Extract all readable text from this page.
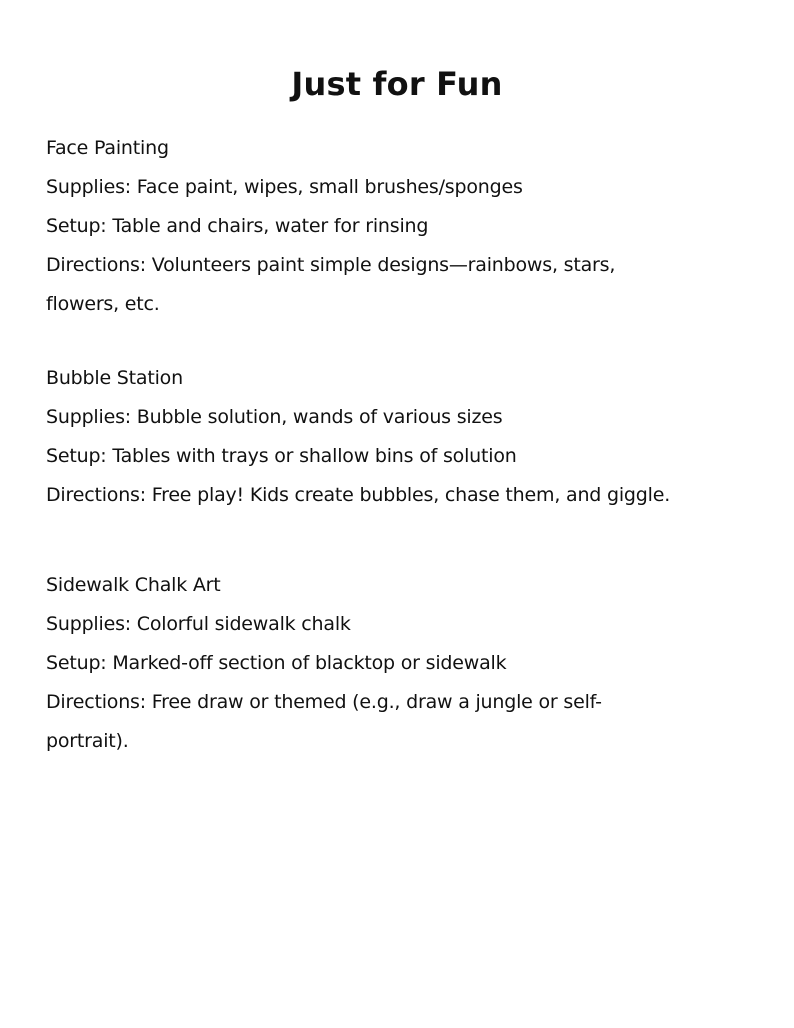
Just for Fun
Face Painting
Supplies: Face paint, wipes, small brushes/sponges
Setup: Table and chairs, water for rinsing
Directions: Volunteers paint simple designs—rainbows, stars,
flowers, etc.
Bubble Station
Supplies: Bubble solution, wands of various sizes
Setup: Tables with trays or shallow bins of solution
Directions: Free play! Kids create bubbles, chase them, and giggle.
Sidewalk Chalk Art
Supplies: Colorful sidewalk chalk
Setup: Marked-off section of blacktop or sidewalk
Directions: Free draw or themed (e.g., draw a jungle or self-
portrait).
